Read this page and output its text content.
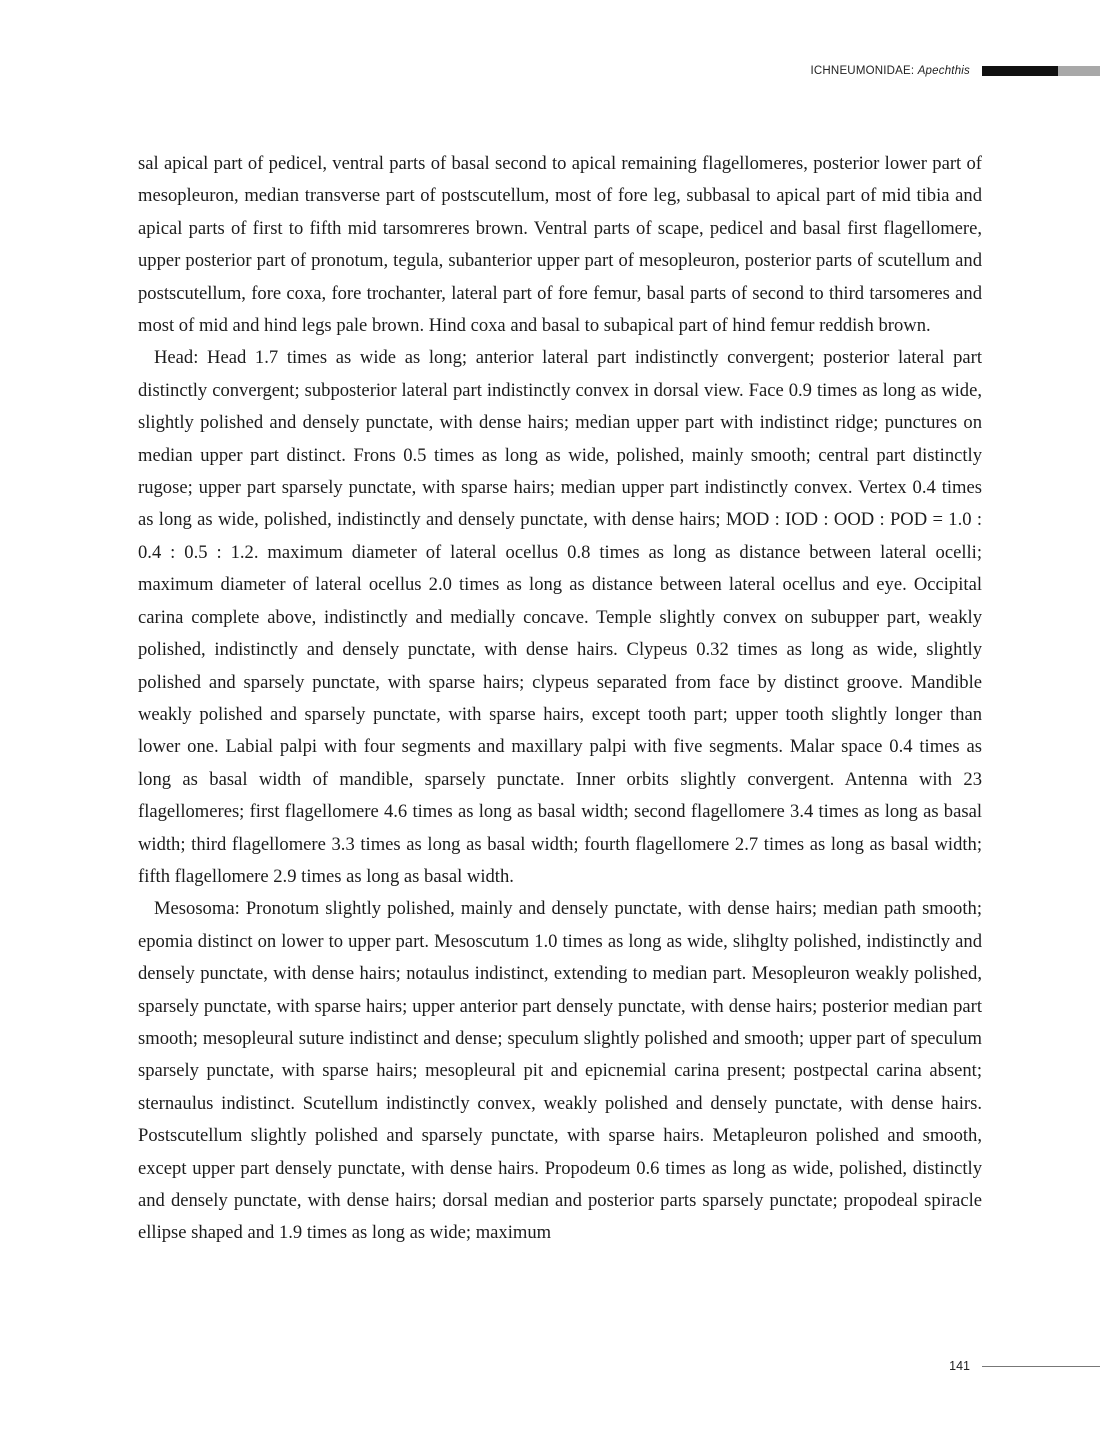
ICHNEUMONIDAE: Apechthis

sal apical part of pedicel, ventral parts of basal second to apical remaining flagellomeres, posterior lower part of mesopleuron, median transverse part of postscutellum, most of fore leg, subbasal to apical part of mid tibia and apical parts of first to fifth mid tarsomreres brown. Ventral parts of scape, pedicel and basal first flagellomere, upper posterior part of pronotum, tegula, subanterior upper part of mesopleuron, posterior parts of scutellum and postscutellum, fore coxa, fore trochanter, lateral part of fore femur, basal parts of second to third tarsomeres and most of mid and hind legs pale brown. Hind coxa and basal to subapical part of hind femur reddish brown.

Head: Head 1.7 times as wide as long; anterior lateral part indistinctly convergent; posterior lateral part distinctly convergent; subposterior lateral part indistinctly convex in dorsal view. Face 0.9 times as long as wide, slightly polished and densely punctate, with dense hairs; median upper part with indistinct ridge; punctures on median upper part distinct. Frons 0.5 times as long as wide, polished, mainly smooth; central part distinctly rugose; upper part sparsely punctate, with sparse hairs; median upper part indistinctly convex. Vertex 0.4 times as long as wide, polished, indistinctly and densely punctate, with dense hairs; MOD : IOD : OOD : POD = 1.0 : 0.4 : 0.5 : 1.2. maximum diameter of lateral ocellus 0.8 times as long as distance between lateral ocelli; maximum diameter of lateral ocellus 2.0 times as long as distance between lateral ocellus and eye. Occipital carina complete above, indistinctly and medially concave. Temple slightly convex on subupper part, weakly polished, indistinctly and densely punctate, with dense hairs. Clypeus 0.32 times as long as wide, slightly polished and sparsely punctate, with sparse hairs; clypeus separated from face by distinct groove. Mandible weakly polished and sparsely punctate, with sparse hairs, except tooth part; upper tooth slightly longer than lower one. Labial palpi with four segments and maxillary palpi with five segments. Malar space 0.4 times as long as basal width of mandible, sparsely punctate. Inner orbits slightly convergent. Antenna with 23 flagellomeres; first flagellomere 4.6 times as long as basal width; second flagellomere 3.4 times as long as basal width; third flagellomere 3.3 times as long as basal width; fourth flagellomere 2.7 times as long as basal width; fifth flagellomere 2.9 times as long as basal width.

Mesosoma: Pronotum slightly polished, mainly and densely punctate, with dense hairs; median path smooth; epomia distinct on lower to upper part. Mesoscutum 1.0 times as long as wide, slihglty polished, indistinctly and densely punctate, with dense hairs; notaulus indistinct, extending to median part. Mesopleuron weakly polished, sparsely punctate, with sparse hairs; upper anterior part densely punctate, with dense hairs; posterior median part smooth; mesopleural suture indistinct and dense; speculum slightly polished and smooth; upper part of speculum sparsely punctate, with sparse hairs; mesopleural pit and epicnemial carina present; postpectal carina absent; sternaulus indistinct. Scutellum indistinctly convex, weakly polished and densely punctate, with dense hairs. Postscutellum slightly polished and sparsely punctate, with sparse hairs. Metapleuron polished and smooth, except upper part densely punctate, with dense hairs. Propodeum 0.6 times as long as wide, polished, distinctly and densely punctate, with dense hairs; dorsal median and posterior parts sparsely punctate; propodeal spiracle ellipse shaped and 1.9 times as long as wide; maximum

141
